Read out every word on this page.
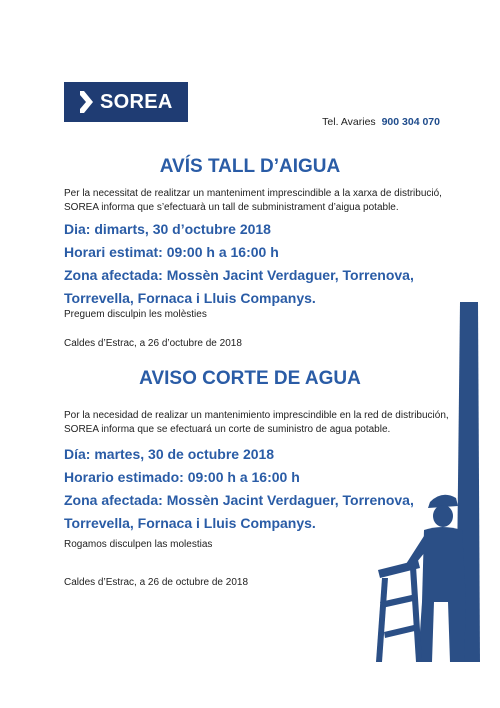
SOREA
Tel. Avaries 900 304 070
AVÍS TALL D’AIGUA

Per la necessitat de realitzar un manteniment imprescindible a la xarxa de distribució, SOREA informa que s’efectuarà un tall de subministrament d’aigua potable.

Dia: dimarts, 30 d’octubre 2018
Horari estimat: 09:00 h a 16:00 h
Zona afectada: Mossèn Jacint Verdaguer, Torrenova, Torrevella, Fornaca i Lluis Companys.

Preguem disculpin les molèsties

Caldes d’Estrac, a 26 d’octubre de 2018

AVISO CORTE DE AGUA

Por la necesidad de realizar un mantenimiento imprescindible en la red de distribución, SOREA informa que se efectuará un corte de suministro de agua potable.

Día: martes, 30 de octubre 2018
Horario estimado: 09:00 h a 16:00 h
Zona afectada: Mossèn Jacint Verdaguer, Torrenova, Torrevella, Fornaca i Lluis Companys.

Rogamos disculpen las molestias

Caldes d’Estrac, a 26 de octubre de 2018
